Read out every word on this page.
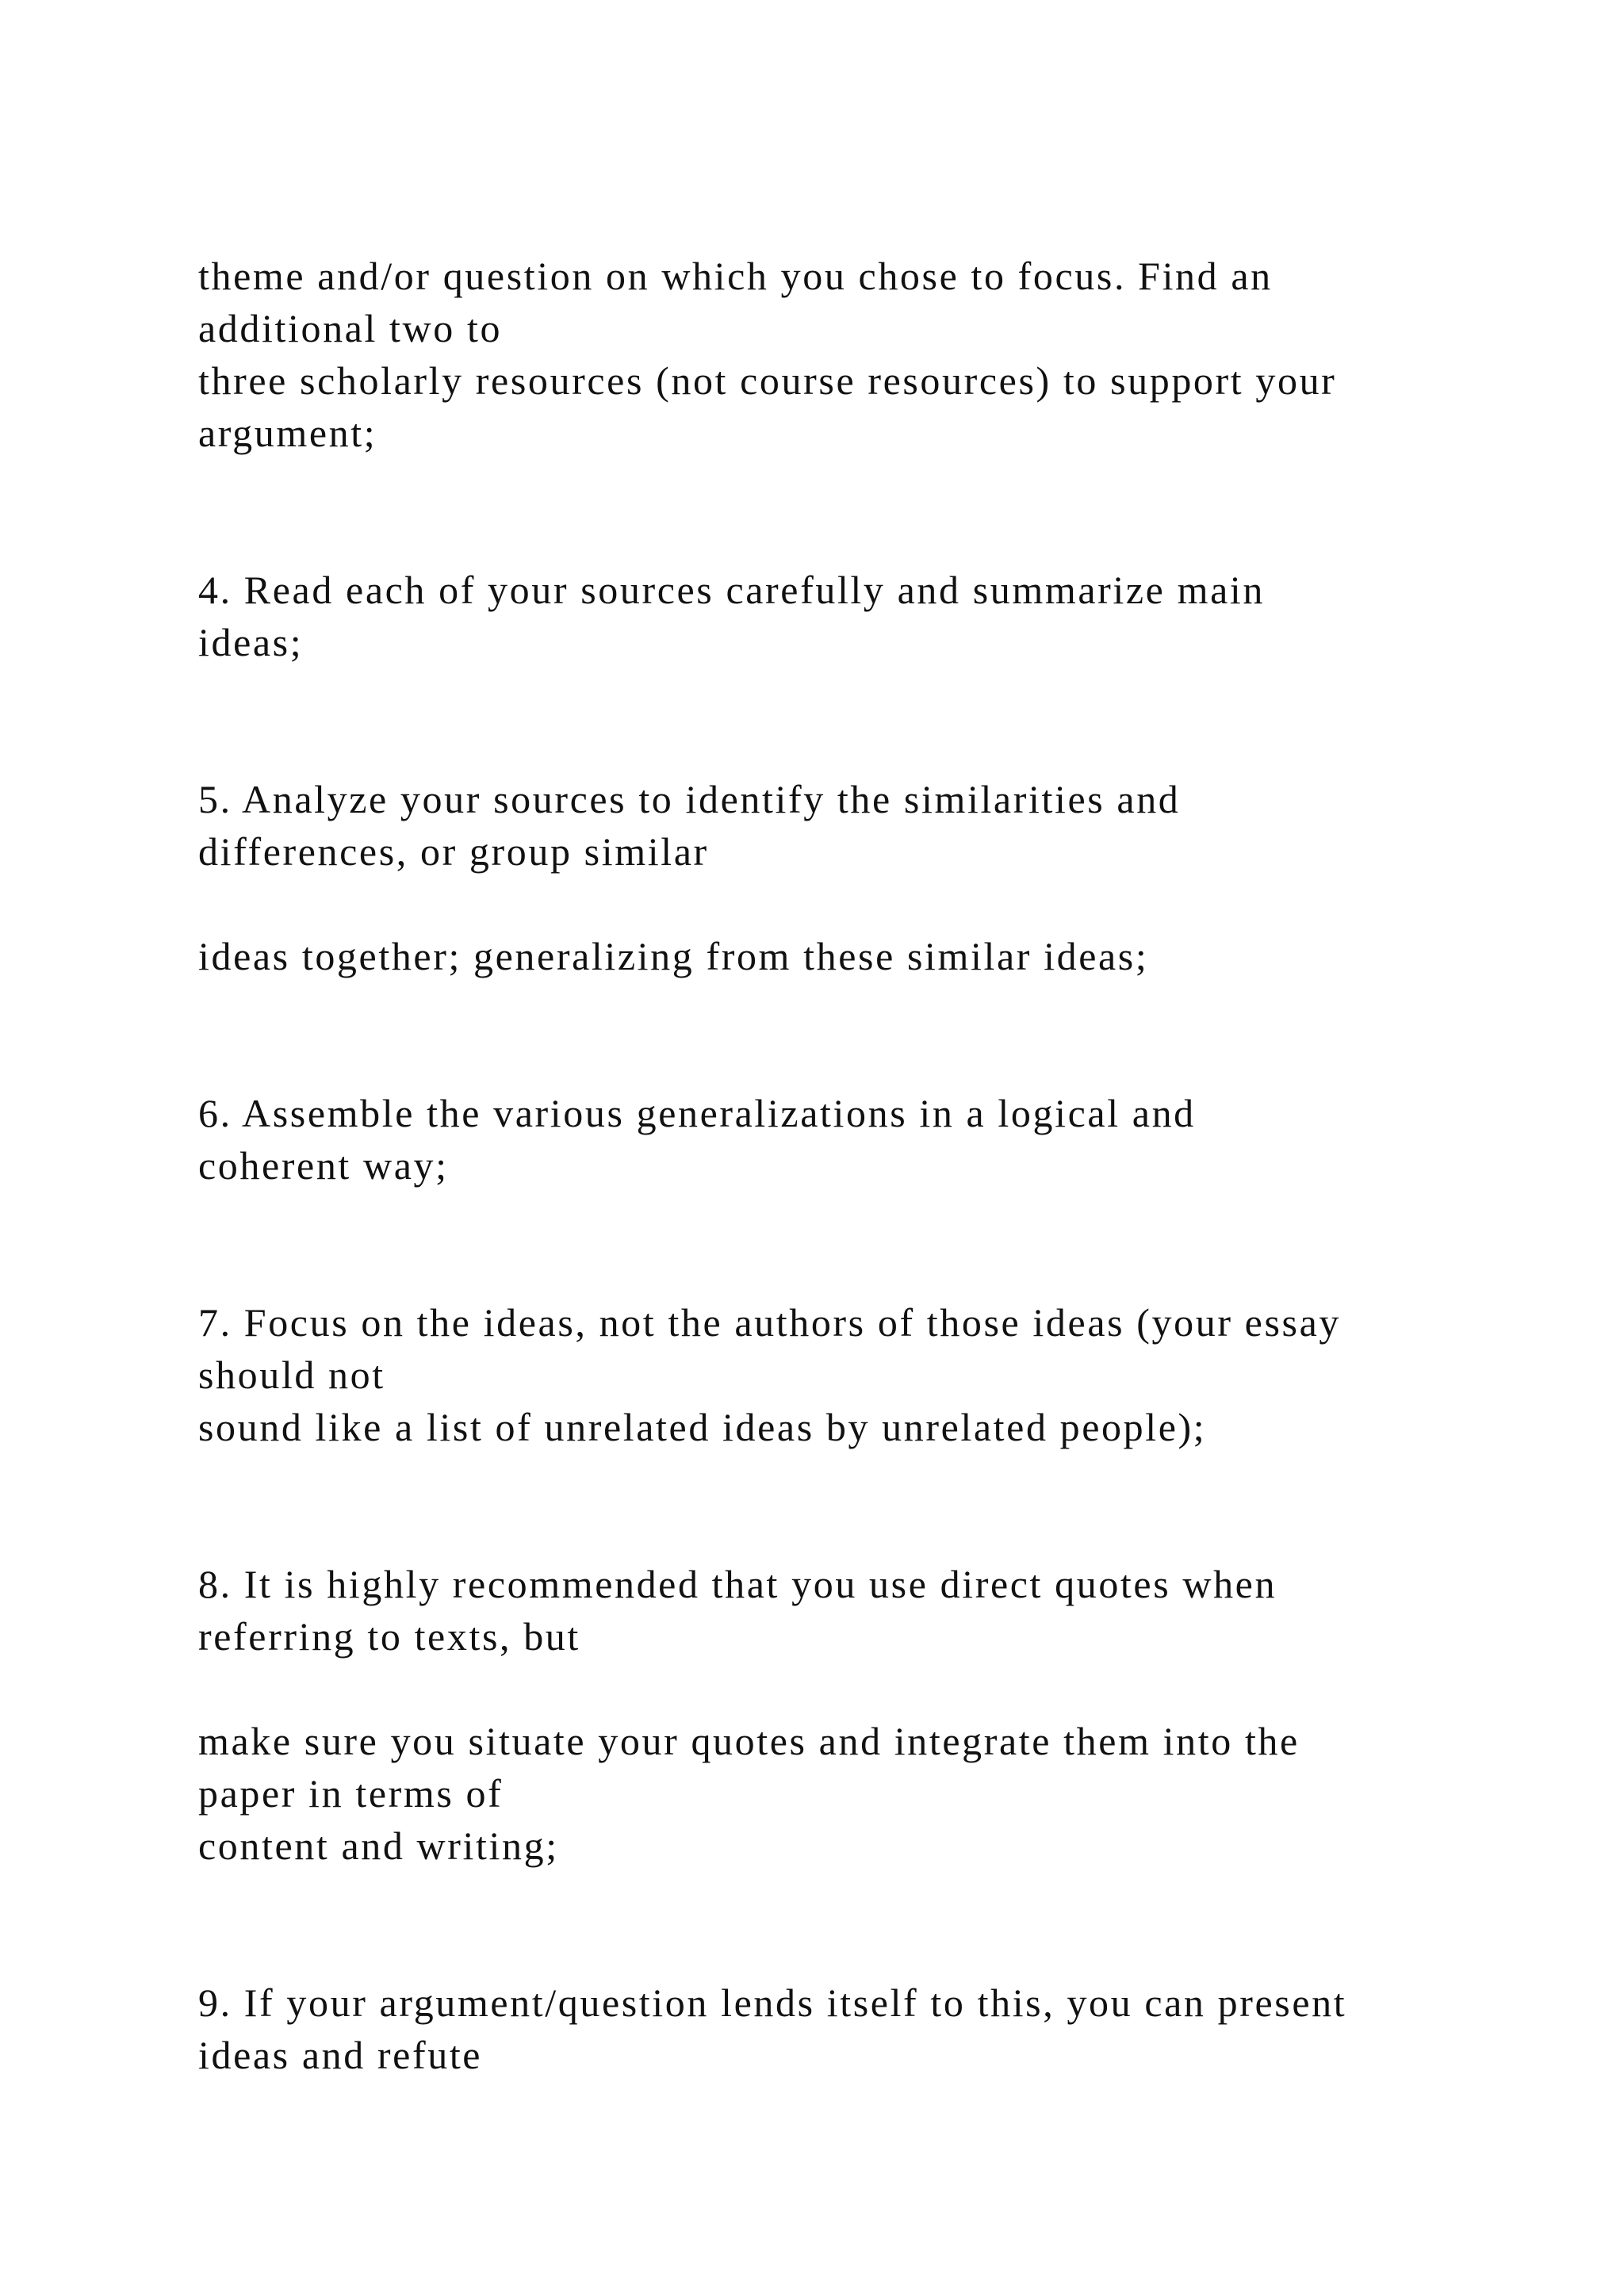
theme and/or question on which you chose to focus. Find an

additional two to

three scholarly resources (not course resources) to support your

argument;

4. Read each of your sources carefully and summarize main

ideas;

5. Analyze your sources to identify the similarities and

differences, or group similar

ideas together; generalizing from these similar ideas;

6. Assemble the various generalizations in a logical and

coherent way;

7. Focus on the ideas, not the authors of those ideas (your essay

should not

sound like a list of unrelated ideas by unrelated people);

8. It is highly recommended that you use direct quotes when

referring to texts, but

make sure you situate your quotes and integrate them into the

paper in terms of

content and writing;

9. If your argument/question lends itself to this, you can present

ideas and refute
